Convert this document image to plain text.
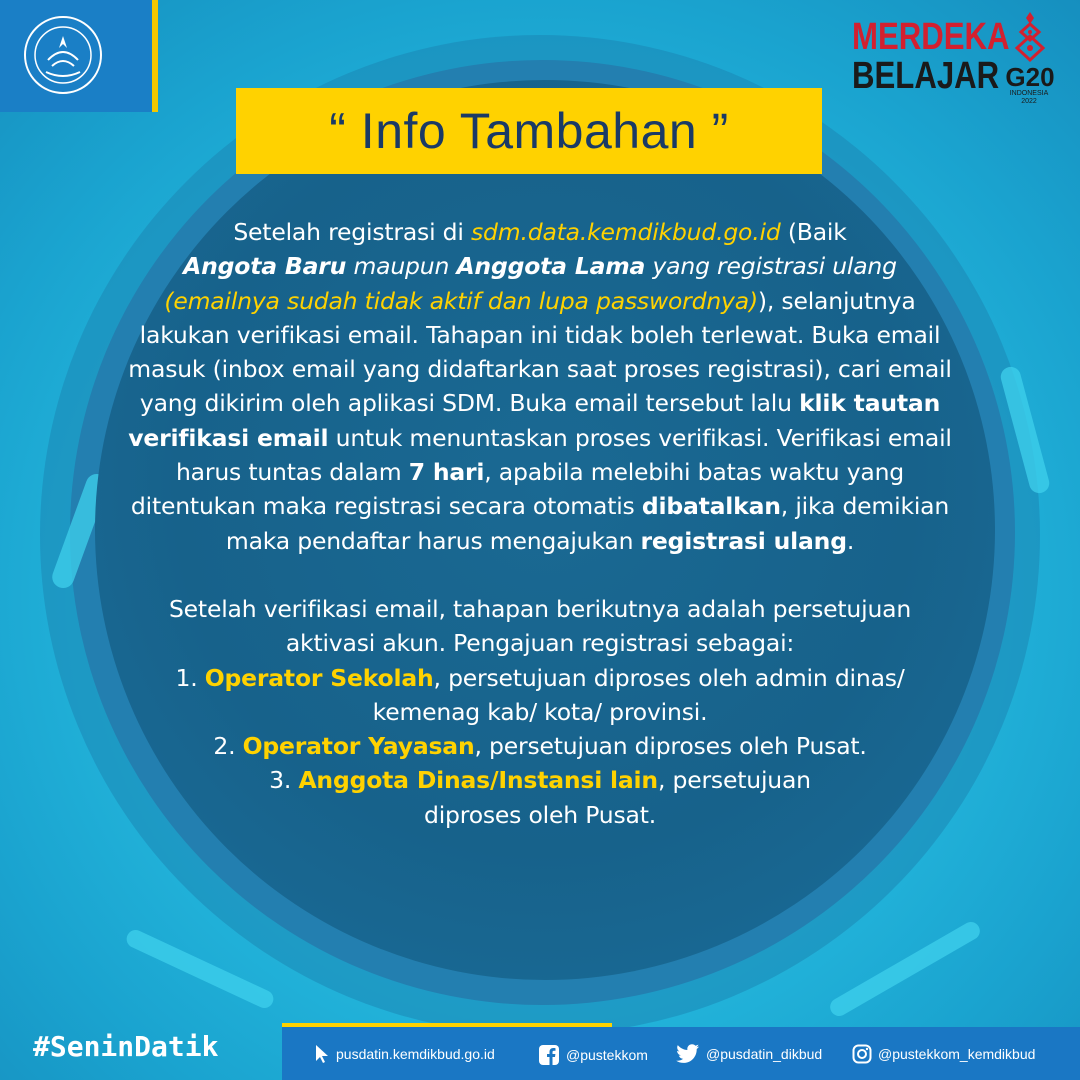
MERDEKA
BELAJAR G20
INDONESIA
2022
“ Info Tambahan ”
Setelah registrasi di sdm.data.kemdikbud.go.id (Baik
Angota Baru maupun Anggota Lama yang registrasi ulang
(emailnya sudah tidak aktif dan lupa passwordnya)), selanjutnya
lakukan verifikasi email. Tahapan ini tidak boleh terlewat. Buka email
masuk (inbox email yang didaftarkan saat proses registrasi), cari email
yang dikirim oleh aplikasi SDM. Buka email tersebut lalu klik tautan
verifikasi email untuk menuntaskan proses verifikasi. Verifikasi email
harus tuntas dalam 7 hari, apabila melebihi batas waktu yang
ditentukan maka registrasi secara otomatis dibatalkan, jika demikian
maka pendaftar harus mengajukan registrasi ulang.
Setelah verifikasi email, tahapan berikutnya adalah persetujuan
aktivasi akun. Pengajuan registrasi sebagai:
1. Operator Sekolah, persetujuan diproses oleh admin dinas/
kemenag kab/ kota/ provinsi.
2. Operator Yayasan, persetujuan diproses oleh Pusat.
3. Anggota Dinas/Instansi lain, persetujuan
diproses oleh Pusat.
#SeninDatik	pusdatin.kemdikbud.go.id	@pustekkom	@pusdatin_dikbud	@pustekkom_kemdikbud
